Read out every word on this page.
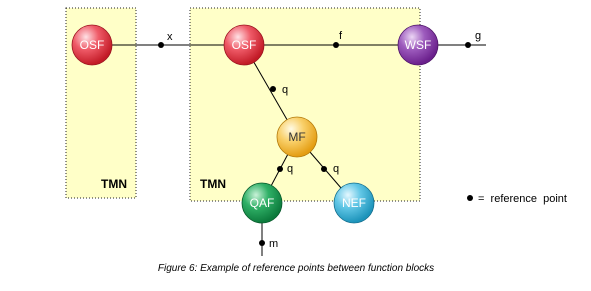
x	f	g
q
q	q
m
OSF	OSF	WSF
MF
QAF	NEF
TMN	TMN
=  reference  point
Figure 6: Example of reference points between function blocks
